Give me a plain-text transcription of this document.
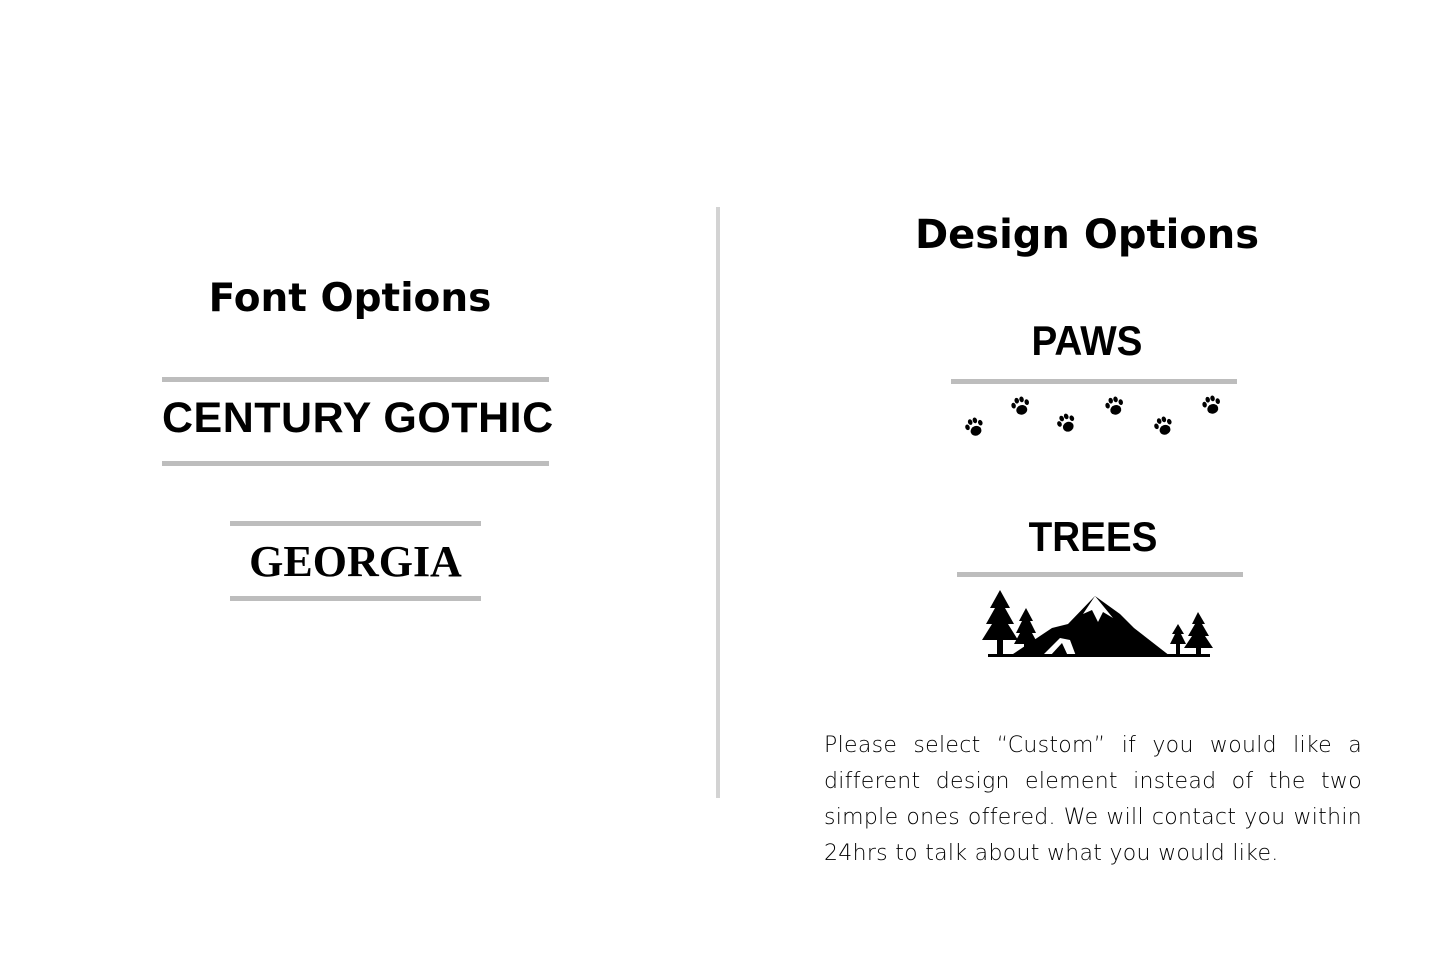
Font Options
CENTURY GOTHIC
GEORGIA
Design Options
PAWS
TREES
Please select “Custom” if you would like a different design element instead of the two simple ones offered. We will contact you within 24hrs to talk about what you would like.
